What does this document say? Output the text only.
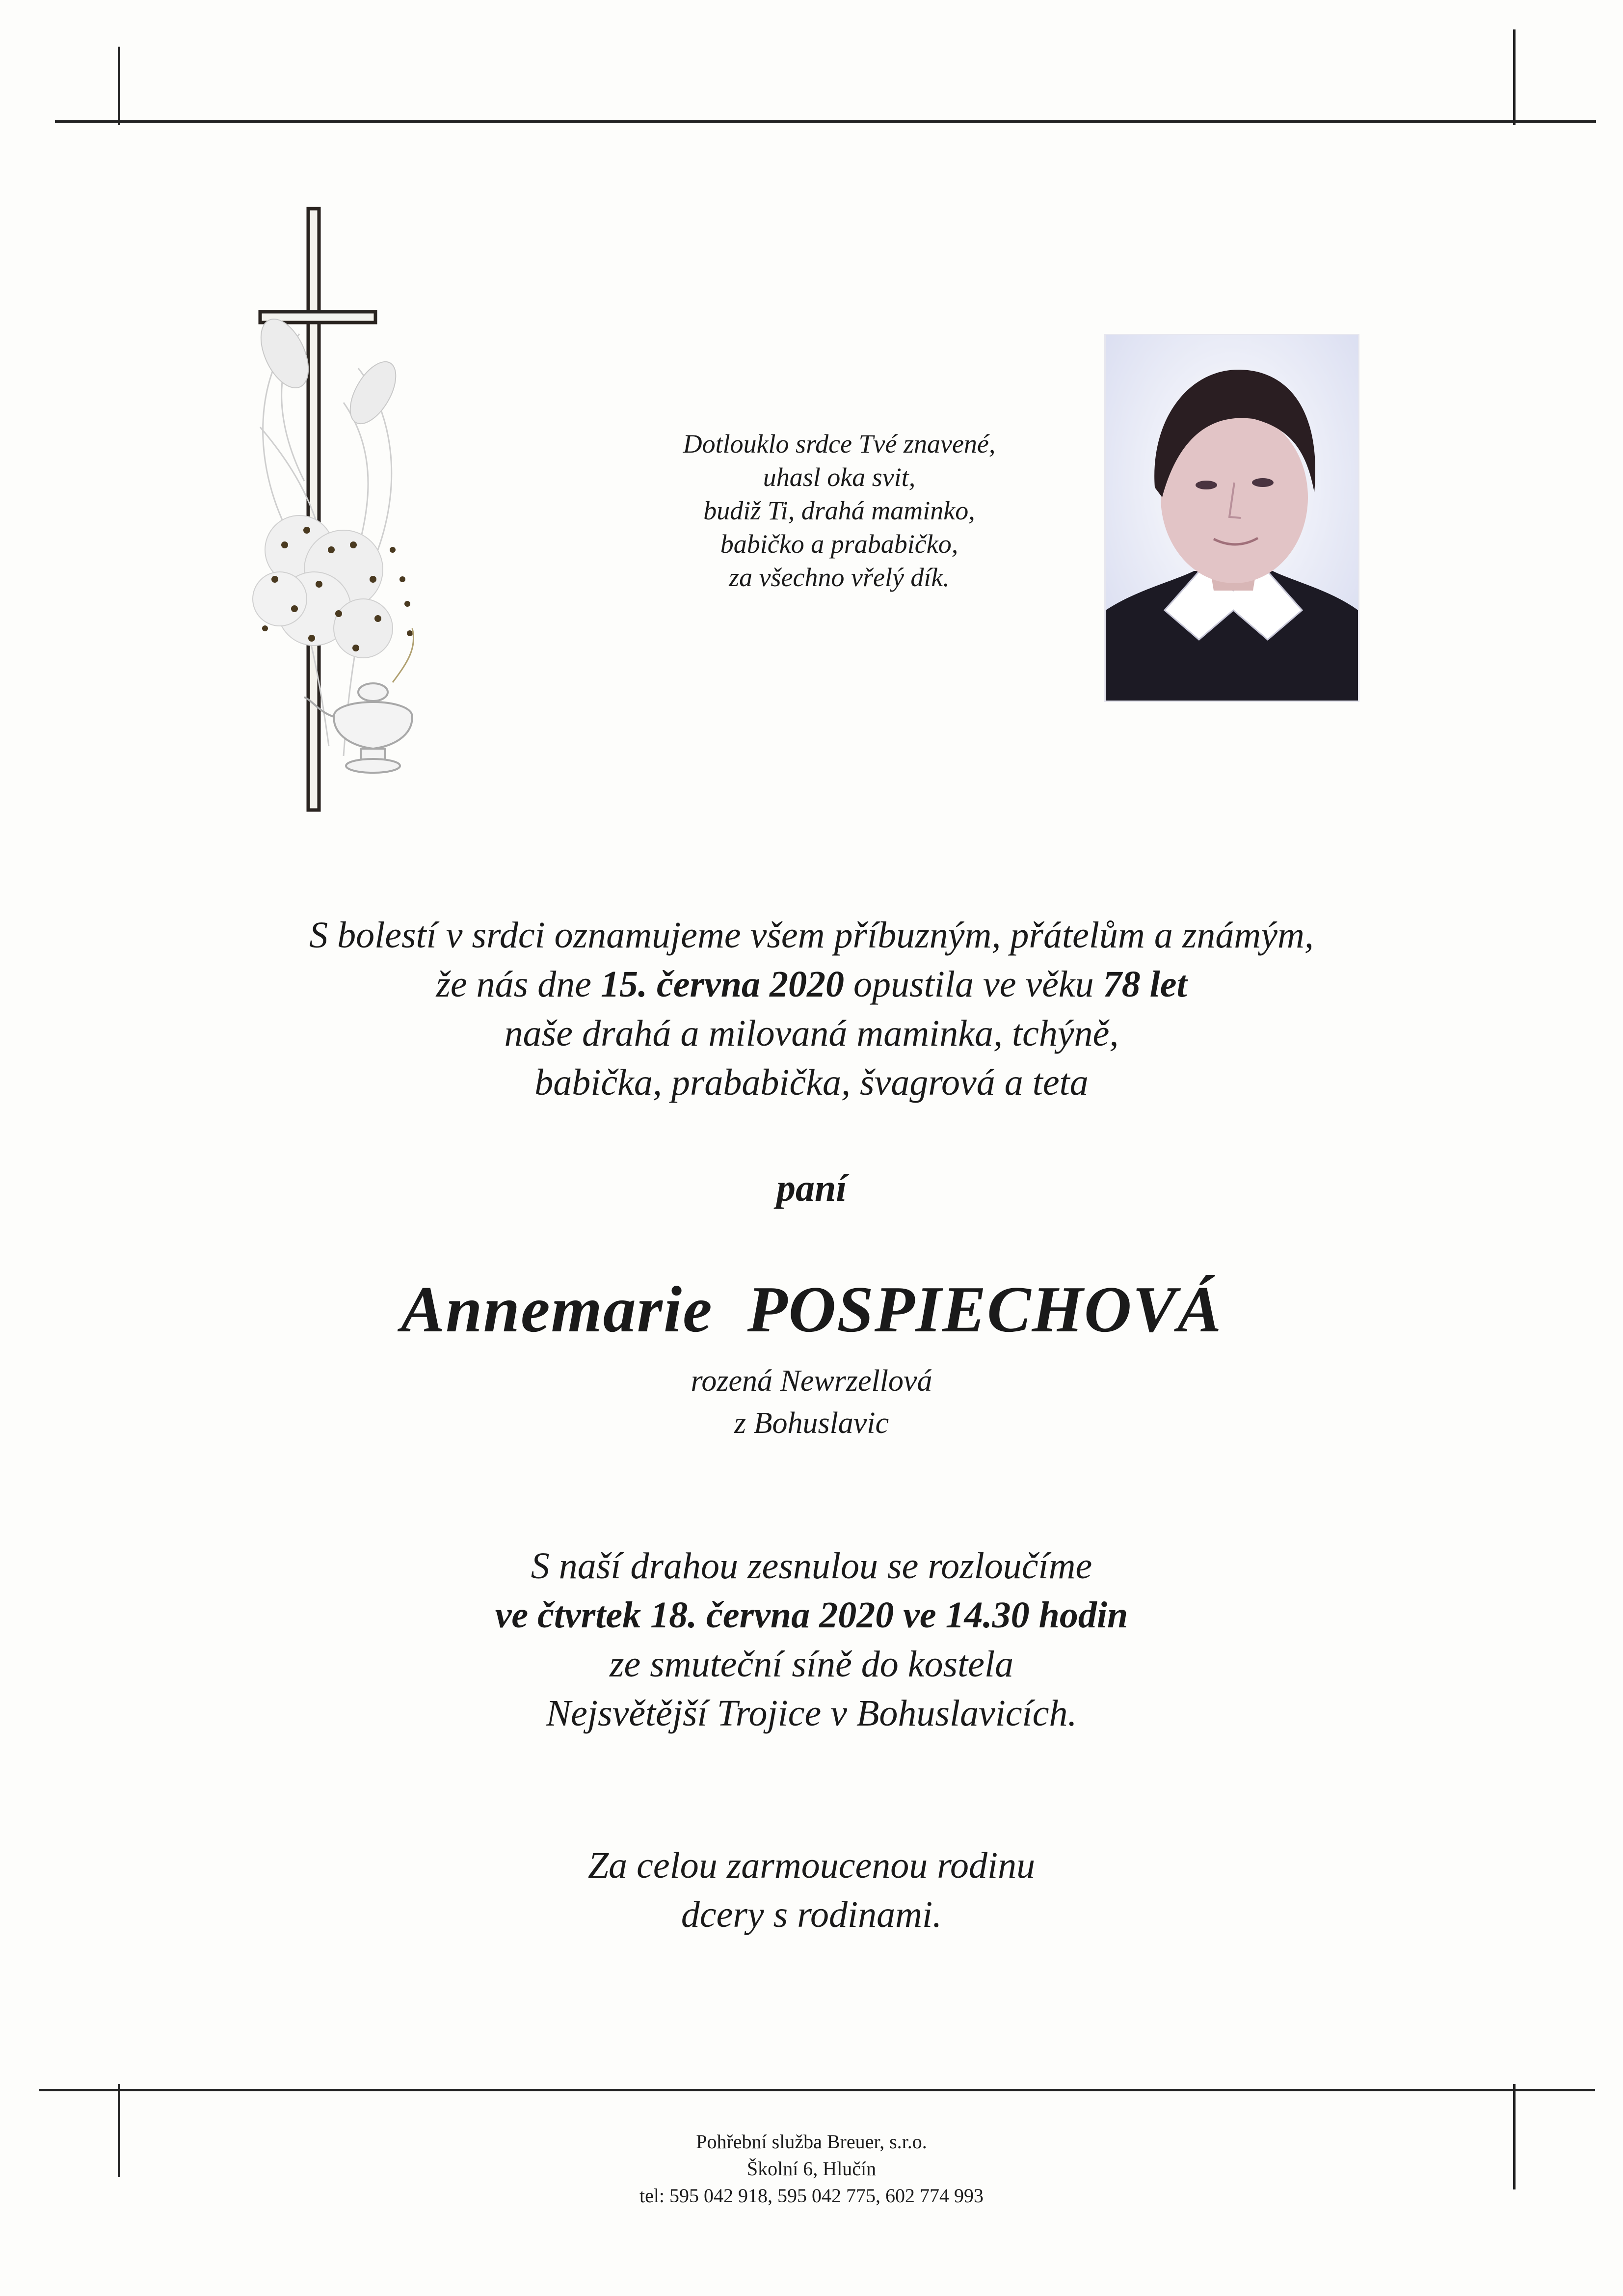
Dotlouklo srdce Tvé znavené,
uhasl oka svit,
budiž Ti, drahá maminko,
babičko a prababičko,
za všechno vřelý dík.
S bolestí v srdci oznamujeme všem příbuzným, přátelům a známým,
že nás dne 15. června 2020 opustila ve věku 78 let
naše drahá a milovaná maminka, tchýně,
babička, prababička, švagrová a teta
paní
Annemarie POSPIECHOVÁ
rozená Newrzellová
z Bohuslavic
S naší drahou zesnulou se rozloučíme
ve čtvrtek 18. června 2020 ve 14.30 hodin
ze smuteční síně do kostela
Nejsvětější Trojice v Bohuslavicích.
Za celou zarmoucenou rodinu
dcery s rodinami.
Pohřební služba Breuer, s.r.o.
Školní 6, Hlučín
tel: 595 042 918, 595 042 775, 602 774 993
